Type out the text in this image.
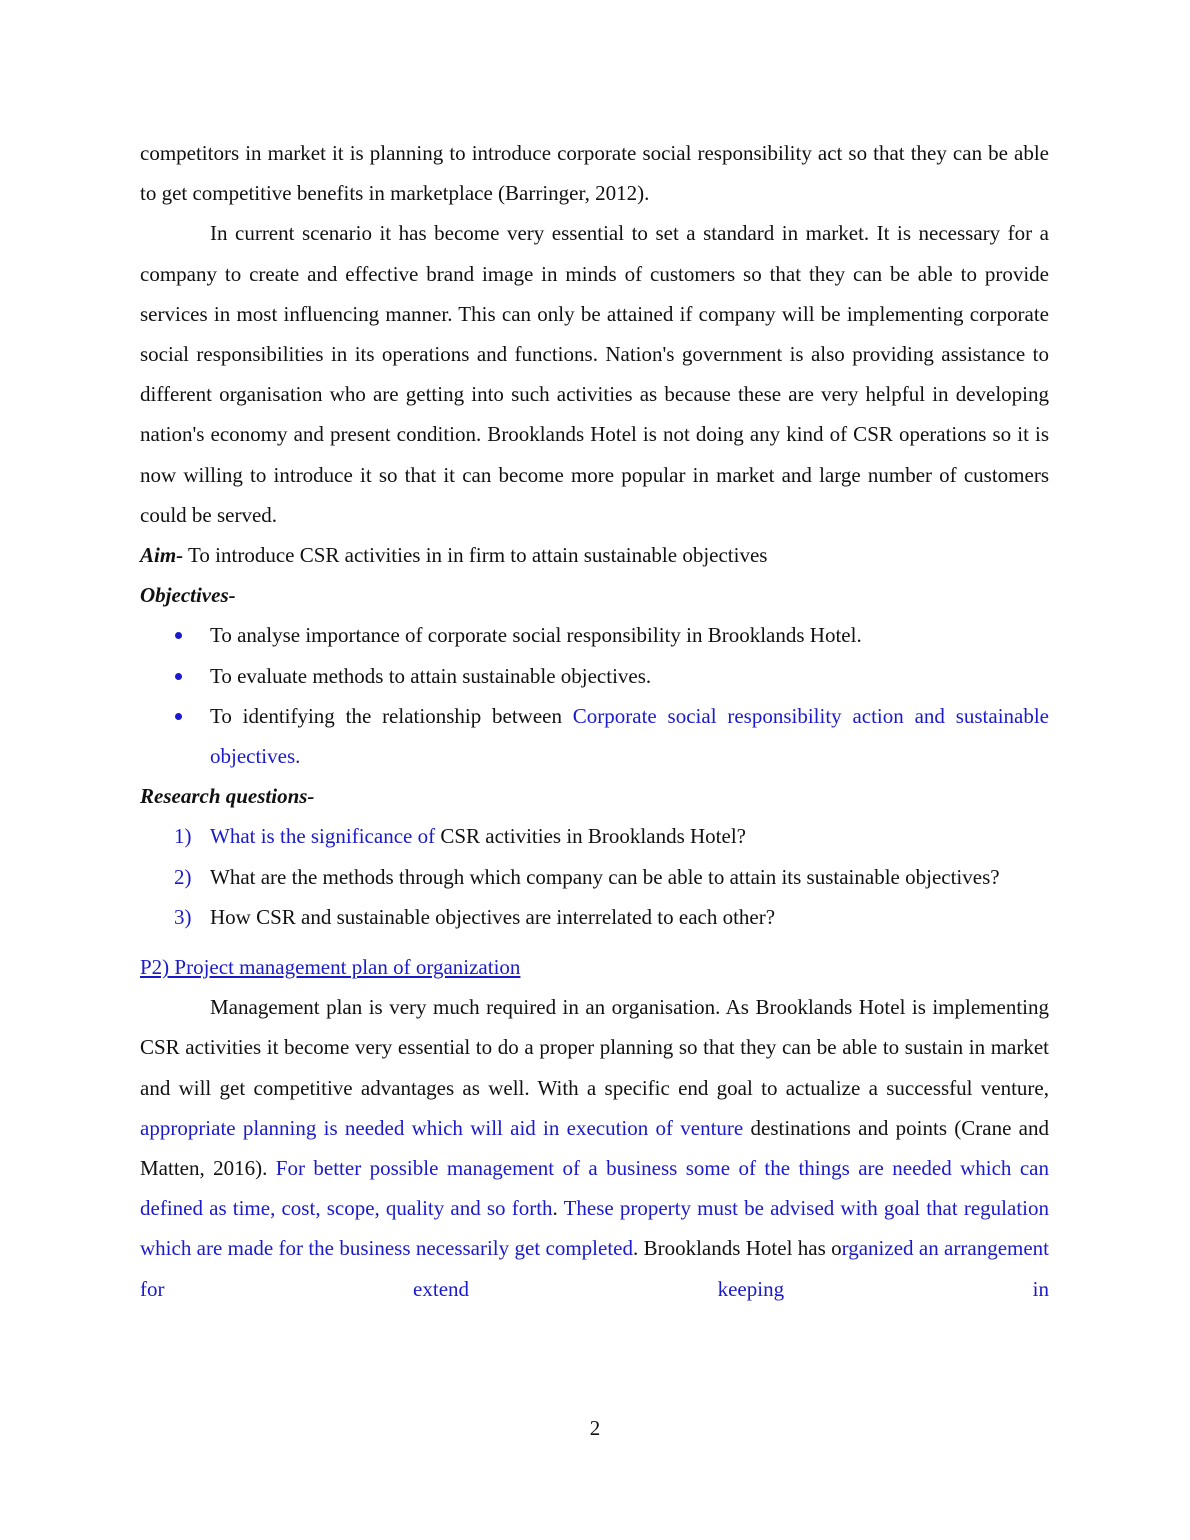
competitors in market it is planning to introduce corporate social responsibility act so that they can be able to get competitive benefits in marketplace (Barringer, 2012).

In current scenario it has become very essential to set a standard in market. It is necessary for a company to create and effective brand image in minds of customers so that they can be able to provide services in most influencing manner. This can only be attained if company will be implementing corporate social responsibilities in its operations and functions. Nation's government is also providing assistance to different organisation who are getting into such activities as because these are very helpful in developing nation's economy and present condition. Brooklands Hotel is not doing any kind of CSR operations so it is now willing to introduce it so that it can become more popular in market and large number of customers could be served.

Aim- To introduce CSR activities in in firm to attain sustainable objectives

Objectives-

To analyse importance of corporate social responsibility in Brooklands Hotel.
To evaluate methods to attain sustainable objectives.
To identifying the relationship between Corporate social responsibility action and sustainable objectives.

Research questions-

1) What is the significance of CSR activities in Brooklands Hotel?
2) What are the methods through which company can be able to attain its sustainable objectives?
3) How CSR and sustainable objectives are interrelated to each other?
P2) Project management plan of organization

Management plan is very much required in an organisation. As Brooklands Hotel is implementing CSR activities it become very essential to do a proper planning so that they can be able to sustain in market and will get competitive advantages as well. With a specific end goal to actualize a successful venture, appropriate planning is needed which will aid in execution of venture destinations and points (Crane and Matten, 2016). For better possible management of a business some of the things are needed which can defined as time, cost, scope, quality and so forth. These property must be advised with goal that regulation which are made for the business necessarily get completed. Brooklands Hotel has organized an arrangement for extend keeping in

2
